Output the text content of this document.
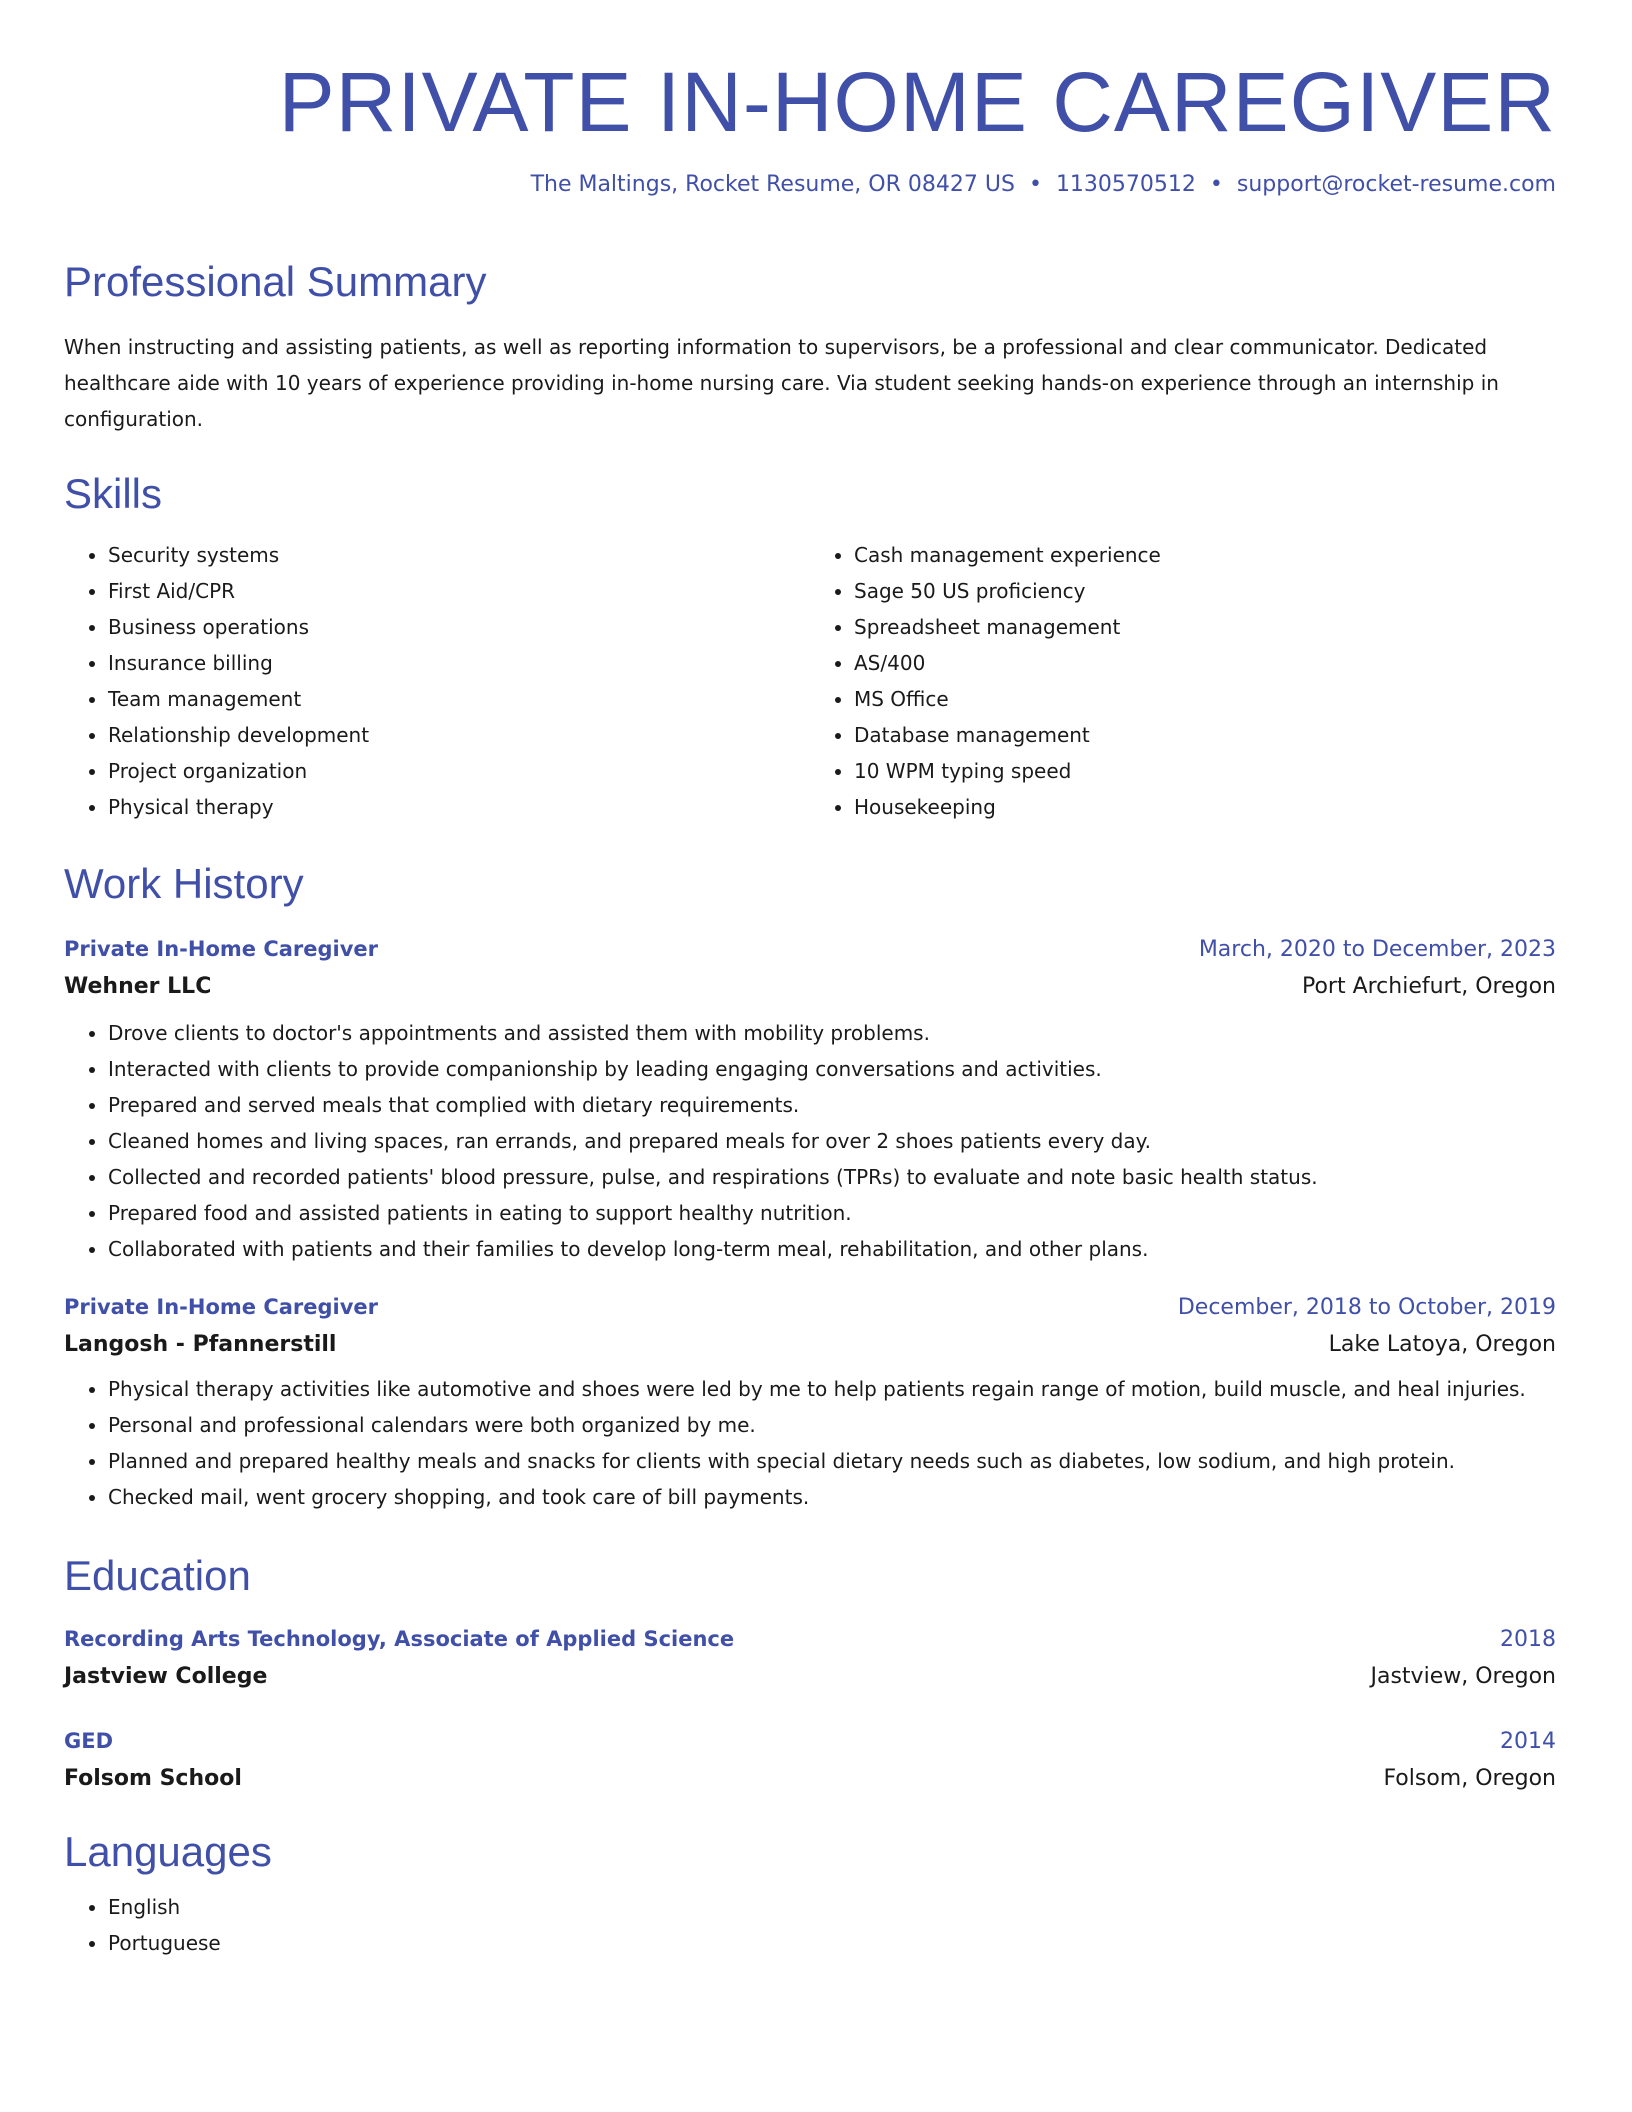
PRIVATE IN-HOME CAREGIVER
The Maltings, Rocket Resume, OR 08427 US • 1130570512 • support@rocket-resume.com
Professional Summary
When instructing and assisting patients, as well as reporting information to supervisors, be a professional and clear communicator. Dedicated healthcare aide with 10 years of experience providing in-home nursing care. Via student seeking hands-on experience through an internship in configuration.
Skills
• Security systems
• First Aid/CPR
• Business operations
• Insurance billing
• Team management
• Relationship development
• Project organization
• Physical therapy
• Cash management experience
• Sage 50 US proficiency
• Spreadsheet management
• AS/400
• MS Office
• Database management
• 10 WPM typing speed
• Housekeeping
Work History
Private In-Home Caregiver	March, 2020 to December, 2023
Wehner LLC	Port Archiefurt, Oregon
• Drove clients to doctor's appointments and assisted them with mobility problems.
• Interacted with clients to provide companionship by leading engaging conversations and activities.
• Prepared and served meals that complied with dietary requirements.
• Cleaned homes and living spaces, ran errands, and prepared meals for over 2 shoes patients every day.
• Collected and recorded patients' blood pressure, pulse, and respirations (TPRs) to evaluate and note basic health status.
• Prepared food and assisted patients in eating to support healthy nutrition.
• Collaborated with patients and their families to develop long-term meal, rehabilitation, and other plans.
Private In-Home Caregiver	December, 2018 to October, 2019
Langosh - Pfannerstill	Lake Latoya, Oregon
• Physical therapy activities like automotive and shoes were led by me to help patients regain range of motion, build muscle, and heal injuries.
• Personal and professional calendars were both organized by me.
• Planned and prepared healthy meals and snacks for clients with special dietary needs such as diabetes, low sodium, and high protein.
• Checked mail, went grocery shopping, and took care of bill payments.
Education
Recording Arts Technology, Associate of Applied Science	2018
Jastview College	Jastview, Oregon
GED	2014
Folsom School	Folsom, Oregon
Languages
• English
• Portuguese
